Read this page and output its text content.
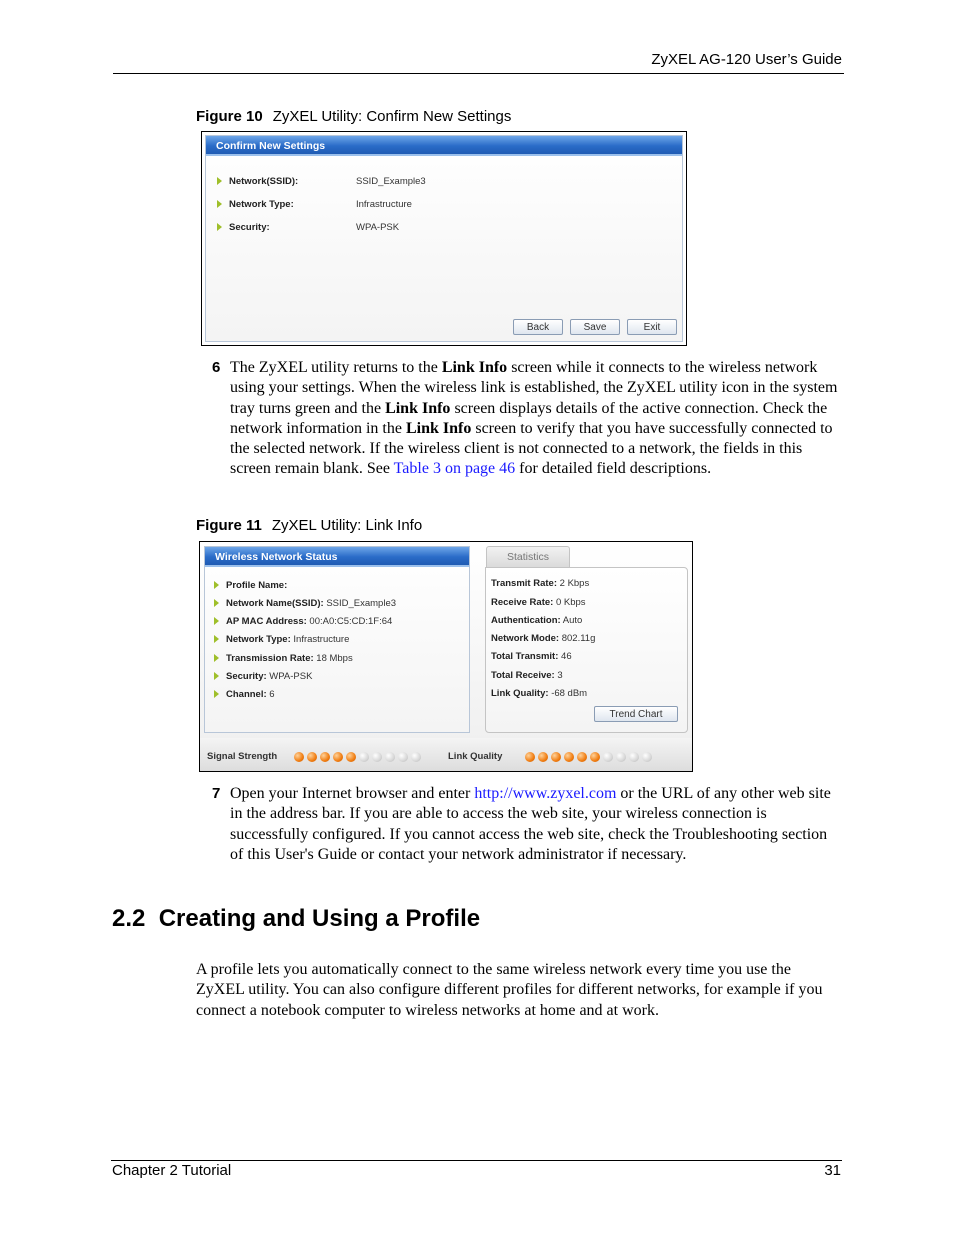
ZyXEL AG-120 User’s Guide
Figure 10 ZyXEL Utility: Confirm New Settings
Confirm New Settings
Network(SSID):	SSID_Example3
Network Type:	Infrastructure
Security:	WPA-PSK
Back	Save	Exit
6 The ZyXEL utility returns to the Link Info screen while it connects to the wireless network using your settings. When the wireless link is established, the ZyXEL utility icon in the system tray turns green and the Link Info screen displays details of the active connection. Check the network information in the Link Info screen to verify that you have successfully connected to the selected network. If the wireless client is not connected to a network, the fields in this screen remain blank. See Table 3 on page 46 for detailed field descriptions.
Figure 11 ZyXEL Utility: Link Info
Wireless Network Status
Profile Name:
Network Name(SSID): SSID_Example3
AP MAC Address: 00:A0:C5:CD:1F:64
Network Type: Infrastructure
Transmission Rate: 18 Mbps
Security: WPA-PSK
Channel: 6
Statistics
Transmit Rate: 2 Kbps
Receive Rate: 0 Kbps
Authentication: Auto
Network Mode: 802.11g
Total Transmit: 46
Total Receive: 3
Link Quality: -68 dBm
Trend Chart
Signal Strength	Link Quality
7 Open your Internet browser and enter http://www.zyxel.com or the URL of any other web site in the address bar. If you are able to access the web site, your wireless connection is successfully configured. If you cannot access the web site, check the Troubleshooting section of this User's Guide or contact your network administrator if necessary.
2.2  Creating and Using a Profile
A profile lets you automatically connect to the same wireless network every time you use the ZyXEL utility. You can also configure different profiles for different networks, for example if you connect a notebook computer to wireless networks at home and at work.
Chapter 2 Tutorial	31
